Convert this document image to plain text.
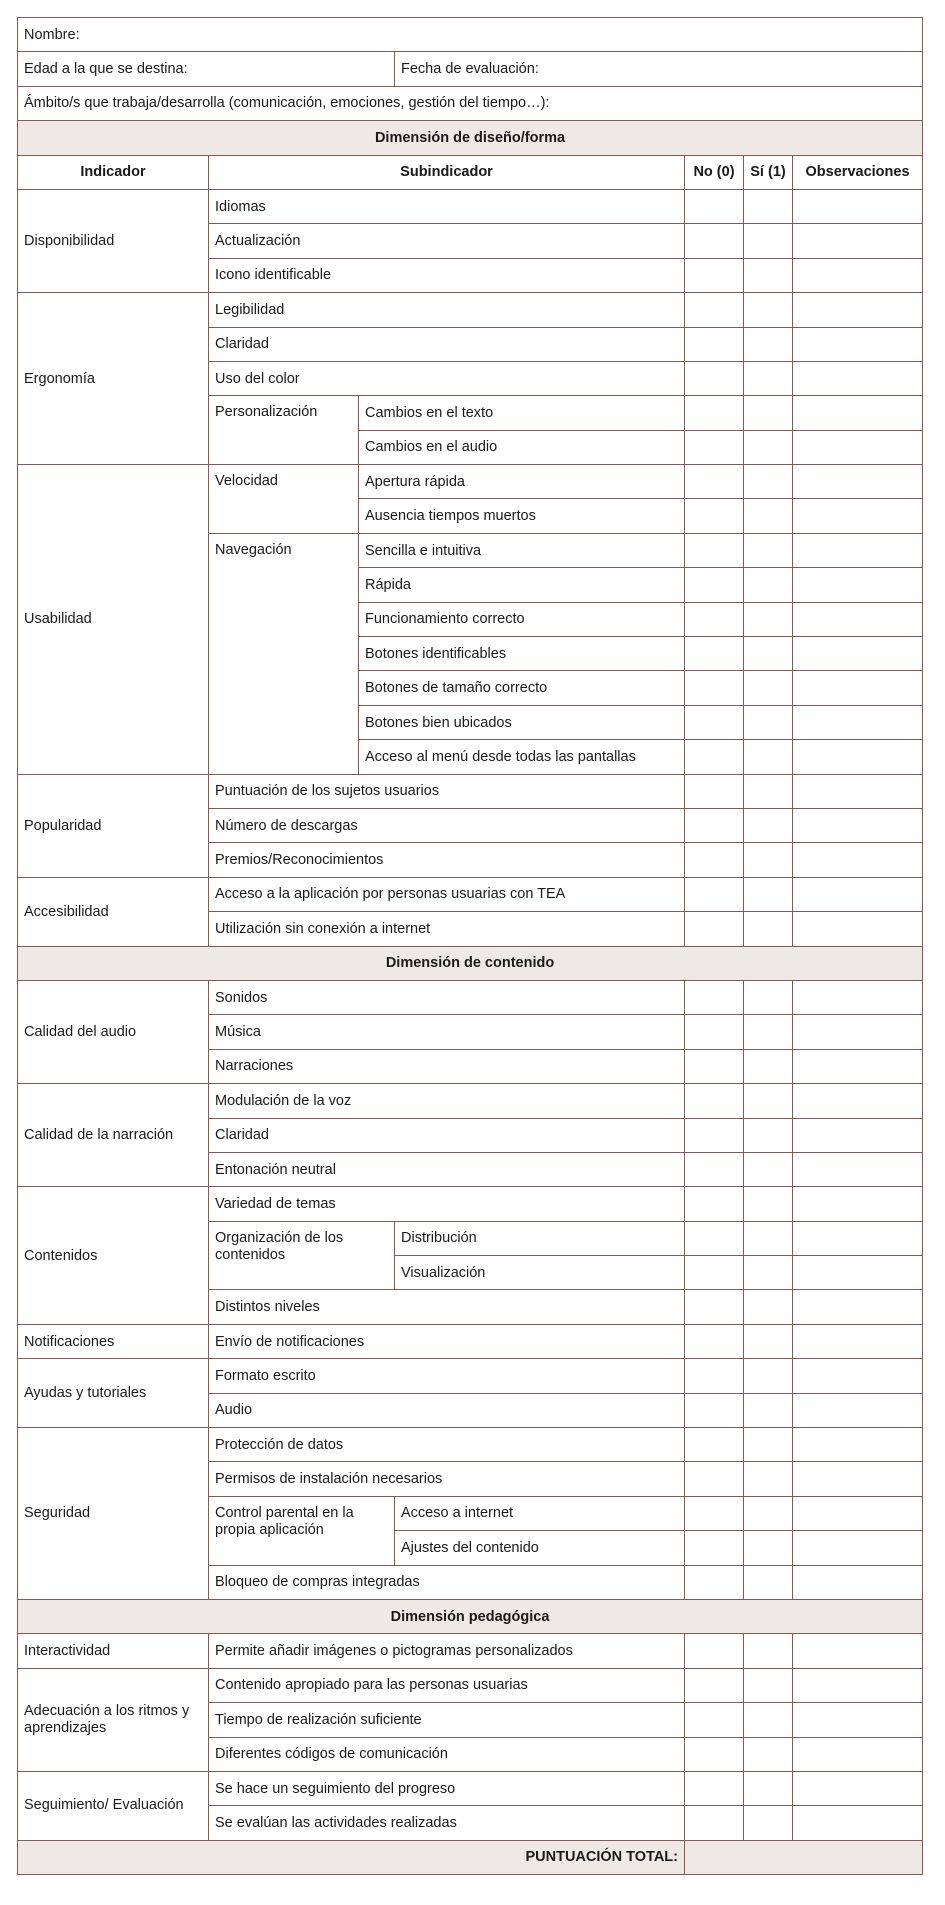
Nombre:						
Edad a la que se destina:			Fecha de evaluación:			
Ámbito/s que trabaja/desarrolla (comunicación, emociones, gestión del tiempo…):						
Dimensión de diseño/forma						
Indicador	Subindicador			No (0)	Sí (1)	Observaciones
Disponibilidad	Idiomas					
	Actualización					
	Icono identificable					
Ergonomía	Legibilidad					
	Claridad					
	Uso del color					
	Personalización	Cambios en el texto				
		Cambios en el audio				
Usabilidad	Velocidad	Apertura rápida				
		Ausencia tiempos muertos				
	Navegación	Sencilla e intuitiva				
		Rápida				
		Funcionamiento correcto				
		Botones identificables				
		Botones de tamaño correcto				
		Botones bien ubicados				
		Acceso al menú desde todas las pantallas				
Popularidad	Puntuación de los sujetos usuarios					
	Número de descargas					
	Premios/Reconocimientos					
Accesibilidad	Acceso a la aplicación por personas usuarias con TEA					
	Utilización sin conexión a internet					
Dimensión de contenido						
Calidad del audio	Sonidos					
	Música					
	Narraciones					
Calidad de la narración	Modulación de la voz					
	Claridad					
	Entonación neutral					
Contenidos	Variedad de temas					
	Organización de los contenidos		Distribución			
			Visualización			
	Distintos niveles					
Notificaciones	Envío de notificaciones					
Ayudas y tutoriales	Formato escrito					
	Audio					
Seguridad	Protección de datos					
	Permisos de instalación necesarios					
	Control parental en la propia aplicación		Acceso a internet			
			Ajustes del contenido			
	Bloqueo de compras integradas					
Dimensión pedagógica						
Interactividad	Permite añadir imágenes o pictogramas personalizados					
Adecuación a los ritmos y aprendizajes	Contenido apropiado para las personas usuarias					
	Tiempo de realización suficiente					
	Diferentes códigos de comunicación					
Seguimiento/ Evaluación	Se hace un seguimiento del progreso					
	Se evalúan las actividades realizadas					
PUNTUACIÓN TOTAL:						
